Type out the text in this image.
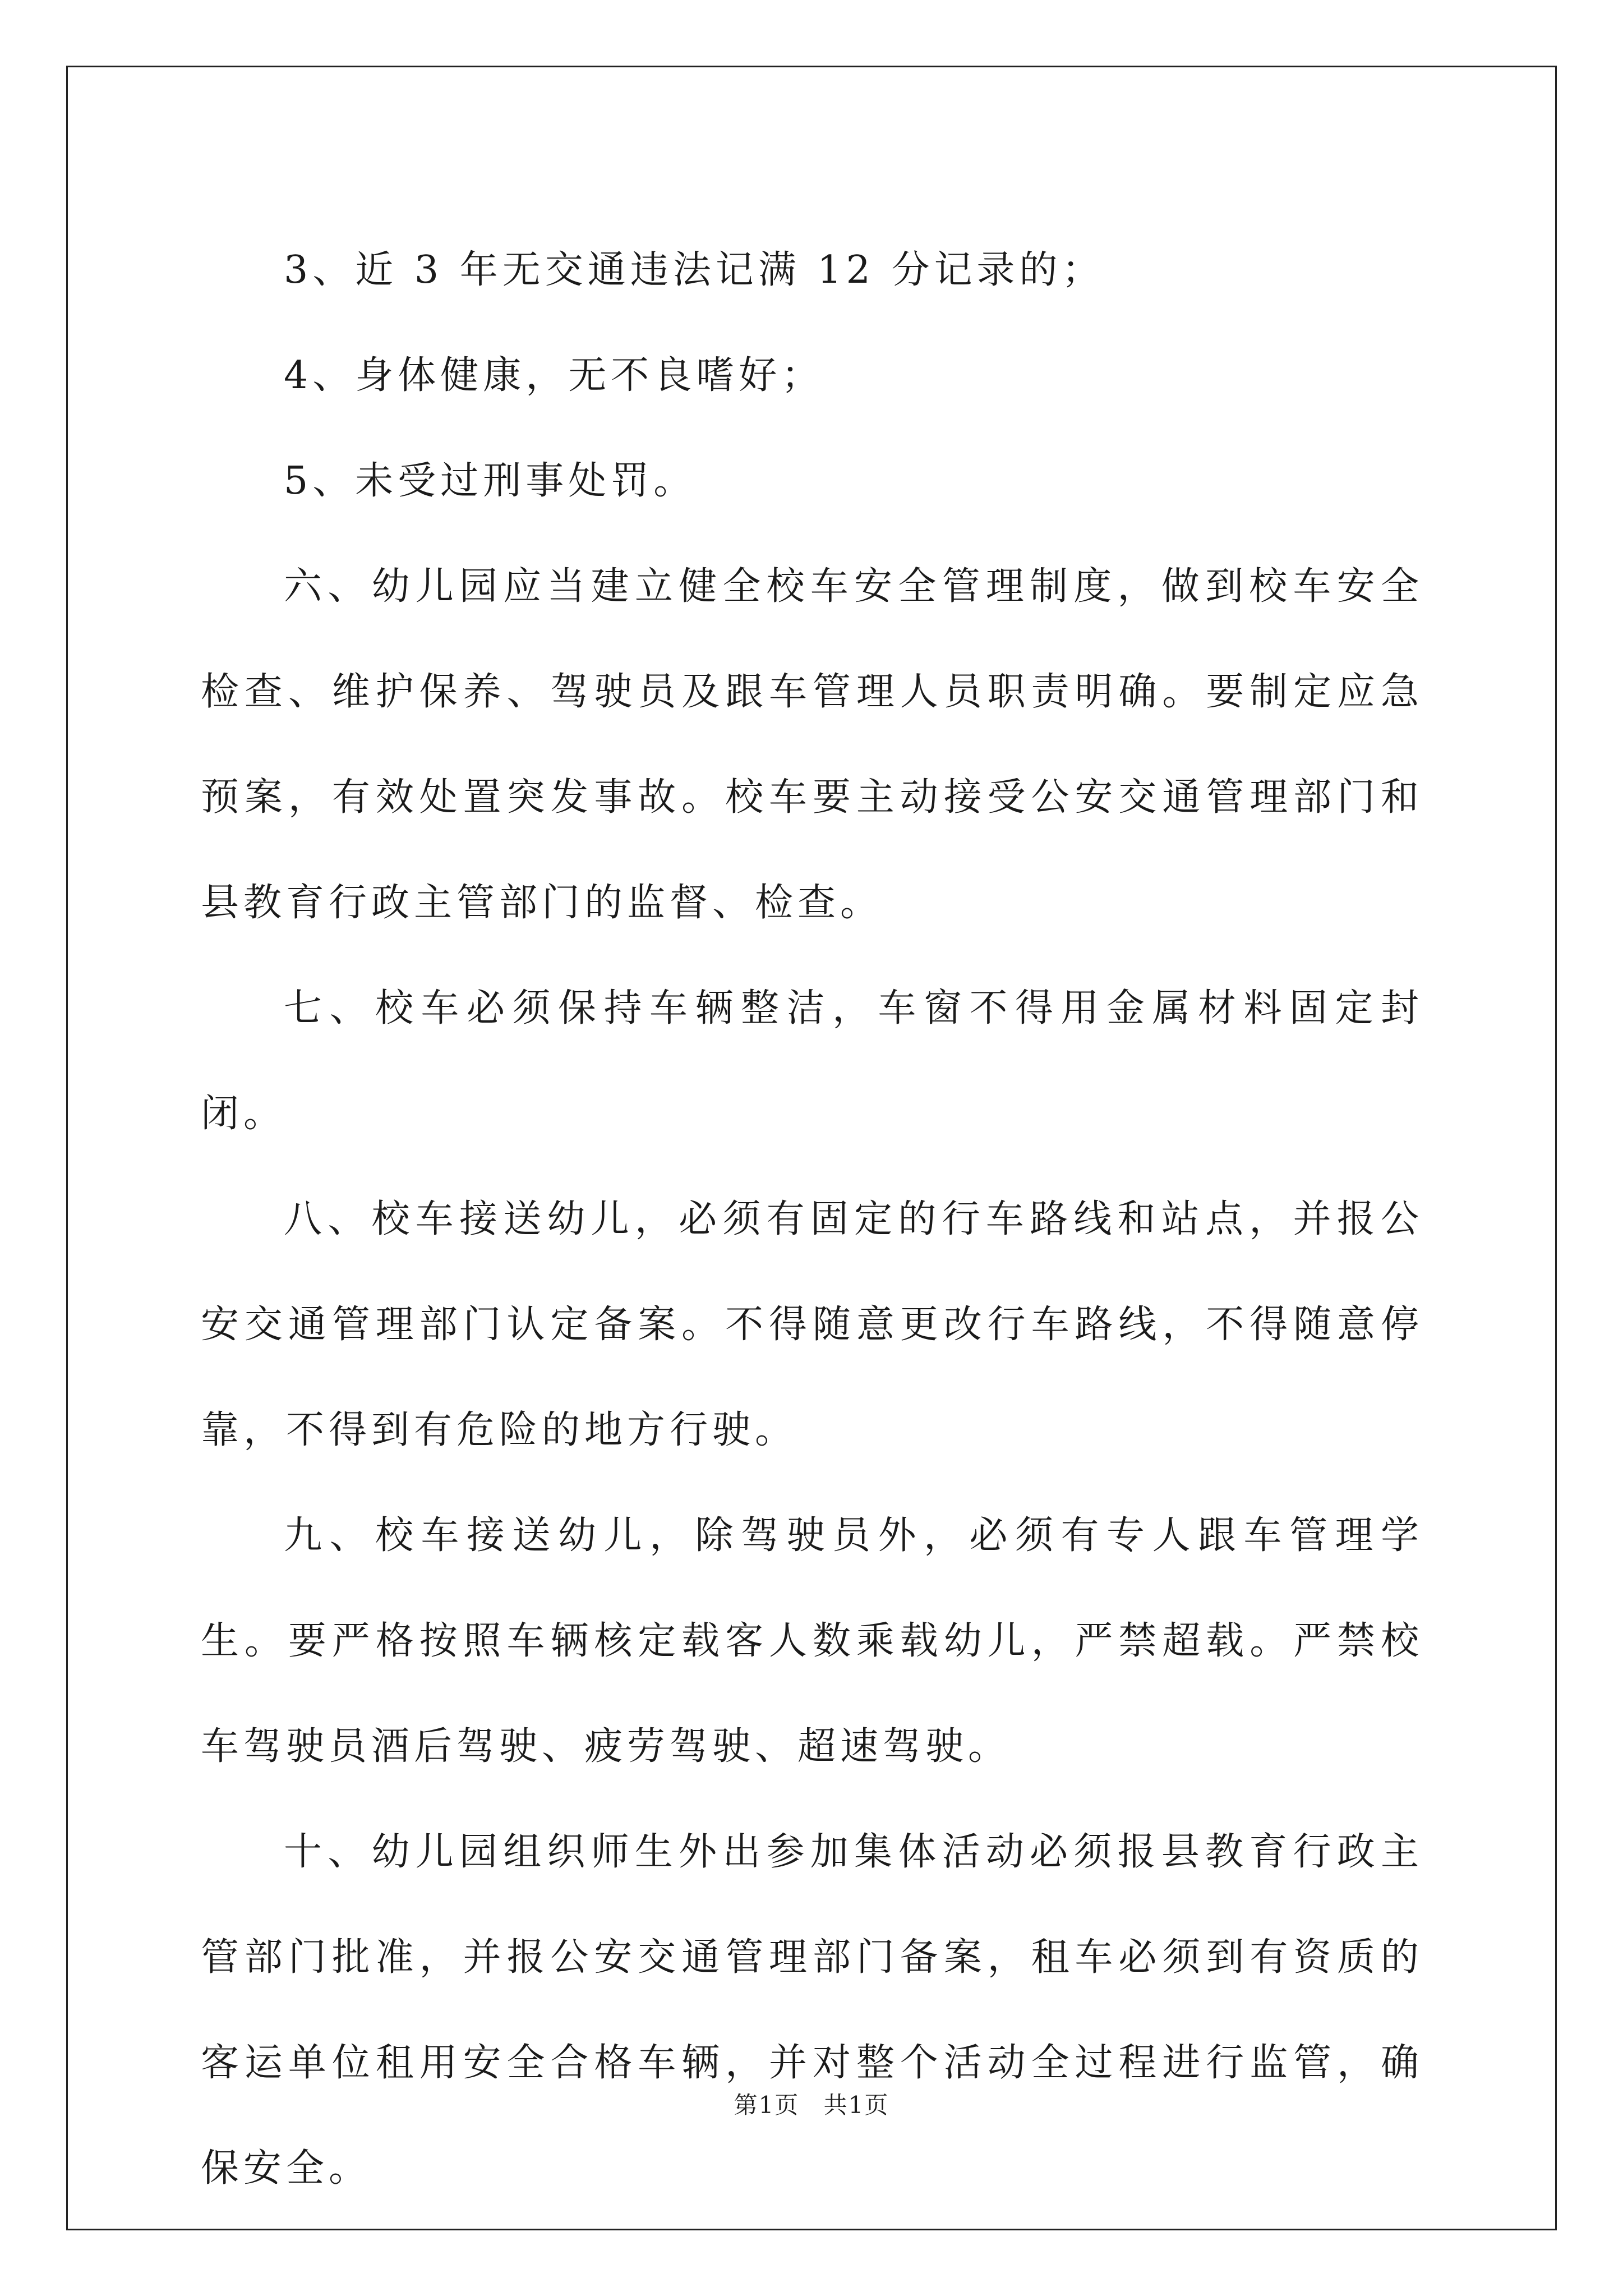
3、近 3 年无交通违法记满 12 分记录的；

4、身体健康，无不良嗜好；

5、未受过刑事处罚。

六、幼儿园应当建立健全校车安全管理制度，做到校车安全检查、维护保养、驾驶员及跟车管理人员职责明确。要制定应急预案，有效处置突发事故。校车要主动接受公安交通管理部门和县教育行政主管部门的监督、检查。

七、校车必须保持车辆整洁，车窗不得用金属材料固定封闭。

八、校车接送幼儿，必须有固定的行车路线和站点，并报公安交通管理部门认定备案。不得随意更改行车路线，不得随意停靠，不得到有危险的地方行驶。

九、校车接送幼儿，除驾驶员外，必须有专人跟车管理学生。要严格按照车辆核定载客人数乘载幼儿，严禁超载。严禁校车驾驶员酒后驾驶、疲劳驾驶、超速驾驶。

十、幼儿园组织师生外出参加集体活动必须报县教育行政主管部门批准，并报公安交通管理部门备案，租车必须到有资质的客运单位租用安全合格车辆，并对整个活动全过程进行监管，确保安全。

第1页 共1页
